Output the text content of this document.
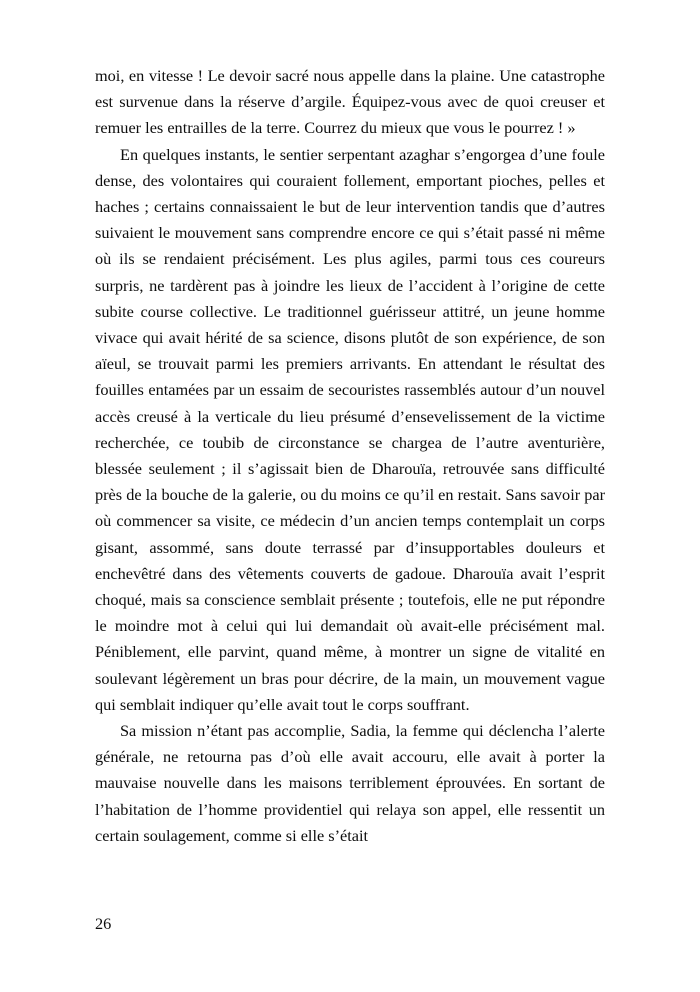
moi, en vitesse ! Le devoir sacré nous appelle dans la plaine. Une catastrophe est survenue dans la réserve d’argile. Équipez-vous avec de quoi creuser et remuer les entrailles de la terre. Courrez du mieux que vous le pourrez ! »

En quelques instants, le sentier serpentant azaghar s’engorgea d’une foule dense, des volontaires qui couraient follement, emportant pioches, pelles et haches ; certains connaissaient le but de leur intervention tandis que d’autres suivaient le mouvement sans comprendre encore ce qui s’était passé ni même où ils se rendaient précisément. Les plus agiles, parmi tous ces coureurs surpris, ne tardèrent pas à joindre les lieux de l’accident à l’origine de cette subite course collective. Le traditionnel guérisseur attitré, un jeune homme vivace qui avait hérité de sa science, disons plutôt de son expérience, de son aïeul, se trouvait parmi les premiers arrivants. En attendant le résultat des fouilles entamées par un essaim de secouristes rassemblés autour d’un nouvel accès creusé à la verticale du lieu présumé d’ensevelissement de la victime recherchée, ce toubib de circonstance se chargea de l’autre aventurière, blessée seulement ; il s’agissait bien de Dharouïa, retrouvée sans difficulté près de la bouche de la galerie, ou du moins ce qu’il en restait. Sans savoir par où commencer sa visite, ce médecin d’un ancien temps contemplait un corps gisant, assommé, sans doute terrassé par d’insupportables douleurs et enchevêtré dans des vêtements couverts de gadoue. Dharouïa avait l’esprit choqué, mais sa conscience semblait présente ; toutefois, elle ne put répondre le moindre mot à celui qui lui demandait où avait-elle précisément mal. Péniblement, elle parvint, quand même, à montrer un signe de vitalité en soulevant légèrement un bras pour décrire, de la main, un mouvement vague qui semblait indiquer qu’elle avait tout le corps souffrant.

Sa mission n’étant pas accomplie, Sadia, la femme qui déclencha l’alerte générale, ne retourna pas d’où elle avait accouru, elle avait à porter la mauvaise nouvelle dans les maisons terriblement éprouvées. En sortant de l’habitation de l’homme providentiel qui relaya son appel, elle ressentit un certain soulagement, comme si elle s’était

26
